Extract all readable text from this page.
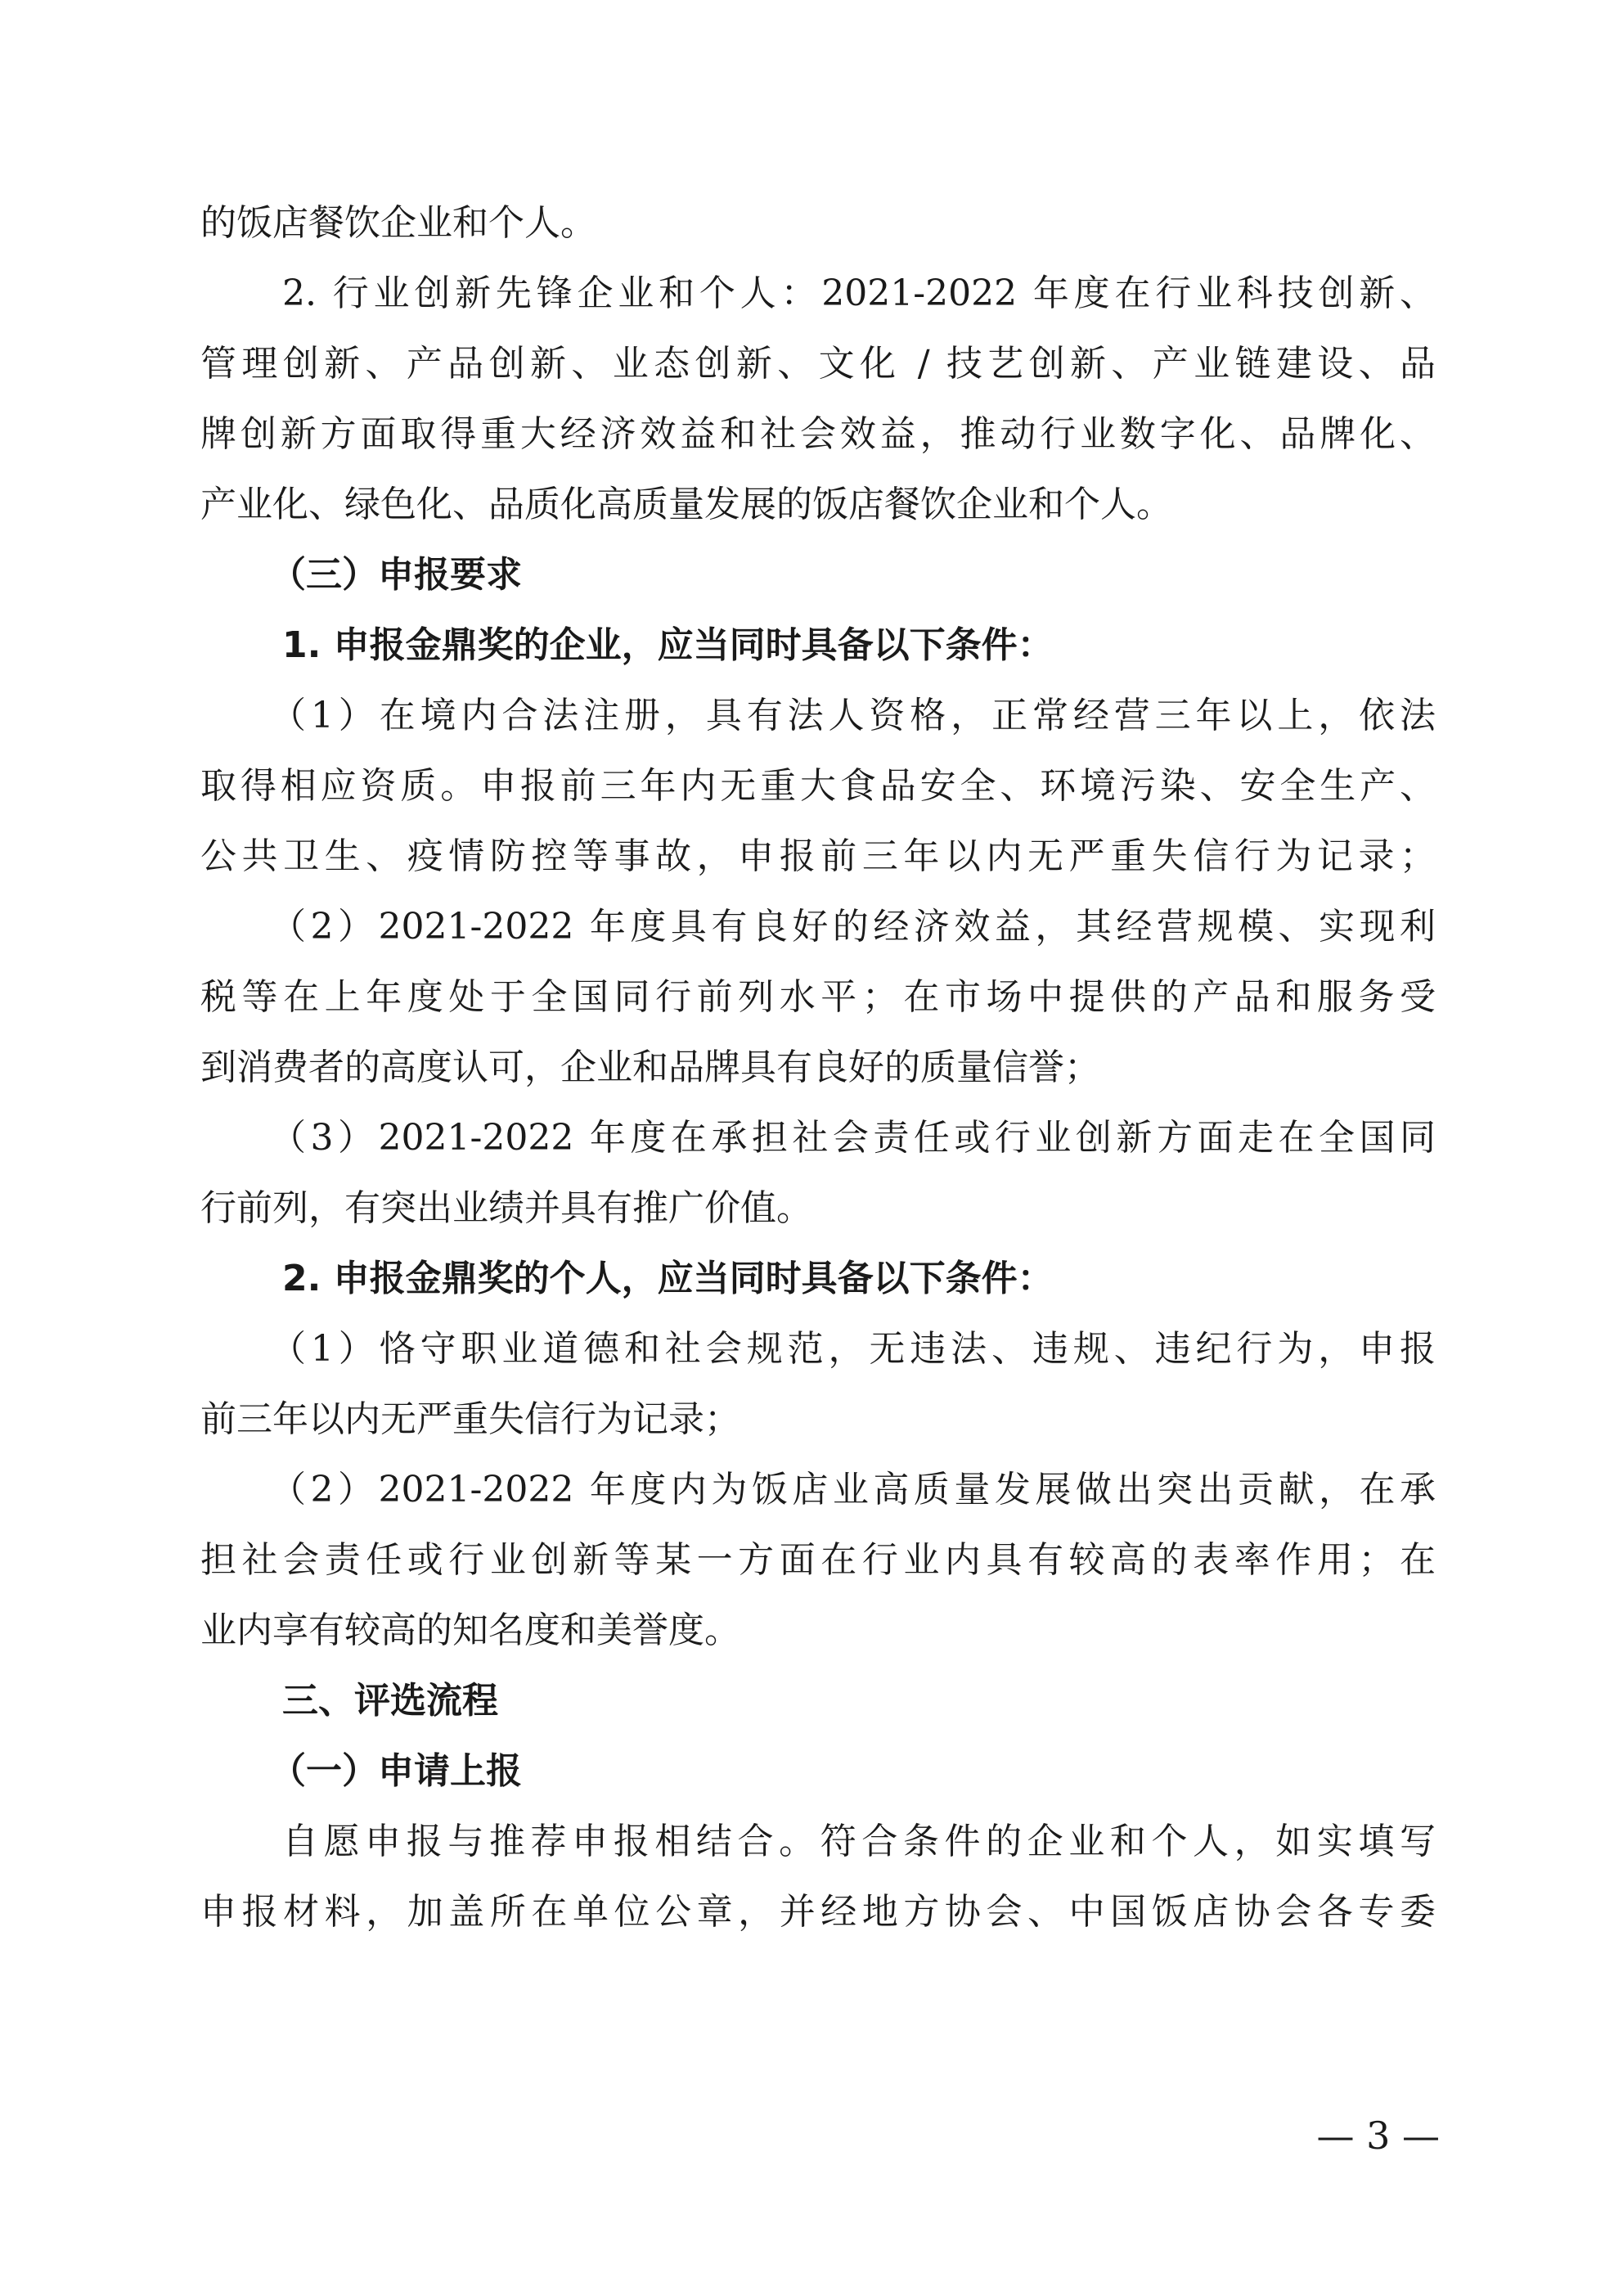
的饭店餐饮企业和个人。
2. 行业创新先锋企业和个人：2021-2022 年度在行业科技创新、
管理创新、产品创新、业态创新、文化 / 技艺创新、产业链建设、品
牌创新方面取得重大经济效益和社会效益，推动行业数字化、品牌化、
产业化、绿色化、品质化高质量发展的饭店餐饮企业和个人。
（三）申报要求
1. 申报金鼎奖的企业，应当同时具备以下条件：
（1）在境内合法注册，具有法人资格，正常经营三年以上，依法
取得相应资质。申报前三年内无重大食品安全、环境污染、安全生产、
公共卫生、疫情防控等事故，申报前三年以内无严重失信行为记录；
（2）2021-2022 年度具有良好的经济效益，其经营规模、实现利
税等在上年度处于全国同行前列水平；在市场中提供的产品和服务受
到消费者的高度认可，企业和品牌具有良好的质量信誉；
（3）2021-2022 年度在承担社会责任或行业创新方面走在全国同
行前列，有突出业绩并具有推广价值。
2. 申报金鼎奖的个人，应当同时具备以下条件：
（1）恪守职业道德和社会规范，无违法、违规、违纪行为，申报
前三年以内无严重失信行为记录；
（2）2021-2022 年度内为饭店业高质量发展做出突出贡献，在承
担社会责任或行业创新等某一方面在行业内具有较高的表率作用；在
业内享有较高的知名度和美誉度。
三、评选流程
（一）申请上报
自愿申报与推荐申报相结合。符合条件的企业和个人，如实填写
申报材料，加盖所在单位公章，并经地方协会、中国饭店协会各专委
— 3 —
